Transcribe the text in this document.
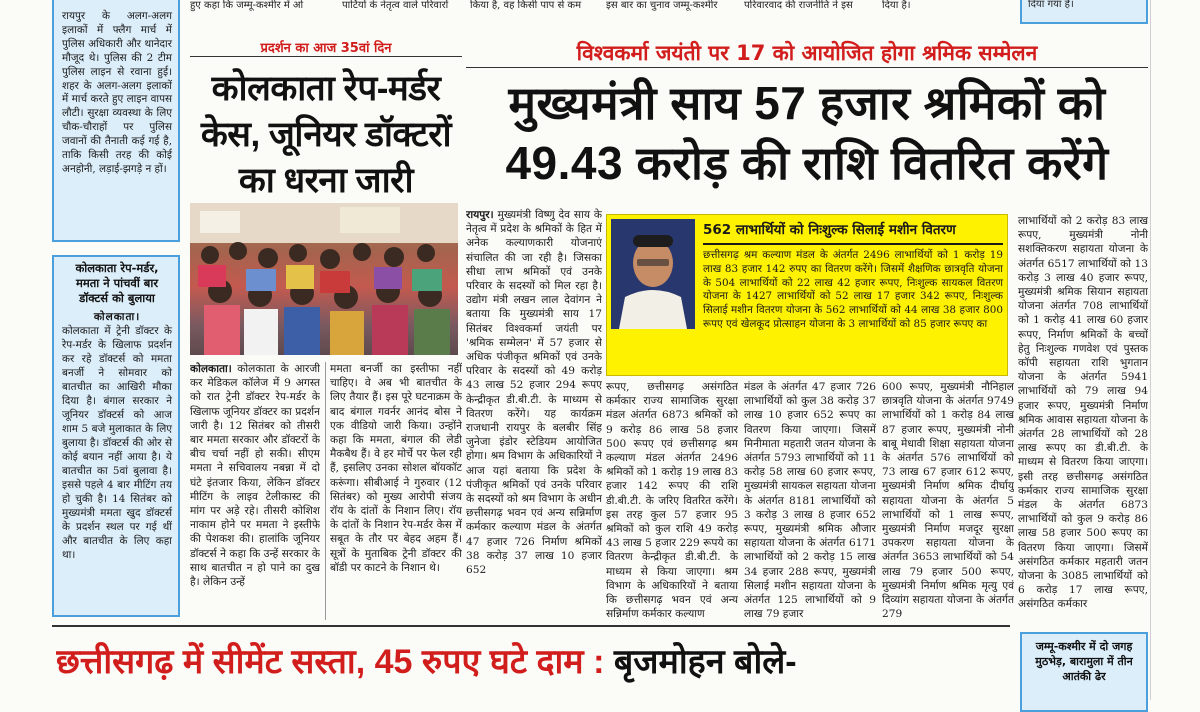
हुए कहा कि जम्मू-कश्मीर में ओ	पार्टियों के नेतृत्व वाले परिवारों	किया है, वह किसी पाप से कम	इस बार का चुनाव जम्मू-कश्मीर	परिवारवाद की राजनीति ने इस	दिया है।	दिया गया है।

रायपुर के अलग-अलग इलाकों में फ्लैग मार्च में पुलिस अधिकारी और थानेदार मौजूद थे। पुलिस की 2 टीम पुलिस लाइन से रवाना हुई। शहर के अलग-अलग इलाकों में मार्च करते हुए लाइन वापस लौटी। सुरक्षा व्यवस्था के लिए चौक-चौराहों पर पुलिस जवानों की तैनाती कई गई है, ताकि किसी तरह की कोई अनहोनी, लड़ाई-झगड़े न हों।

कोलकाता रेप-मर्डर, ममता ने पांचवीं बार डॉक्टर्स को बुलाया
कोलकाता।

कोलकाता में ट्रेनी डॉक्टर के रेप-मर्डर के खिलाफ प्रदर्शन कर रहे डॉक्टर्स को ममता बनर्जी ने सोमवार को बातचीत का आखिरी मौका दिया है। बंगाल सरकार ने जूनियर डॉक्टर्स को आज शाम 5 बजे मुलाकात के लिए बुलाया है। डॉक्टर्स की ओर से कोई बयान नहीं आया है। ये बातचीत का 5वां बुलावा है। इससे पहले 4 बार मीटिंग तय हो चुकी है। 14 सितंबर को मुख्यमंत्री ममता खुद डॉक्टर्स के प्रदर्शन स्थल पर गई थीं और बातचीत के लिए कहा था।

प्रदर्शन का आज 35वां दिन
कोलकाता रेप-मर्डर केस, जूनियर डॉक्टरों का धरना जारी
कोलकाता। कोलकाता के आरजी कर मेडिकल कॉलेज में 9 अगस्त को रात ट्रेनी डॉक्टर रेप-मर्डर के खिलाफ जूनियर डॉक्टर का प्रदर्शन जारी है। 12 सितंबर को तीसरी बार ममता सरकार और डॉक्टरों के बीच चर्चा नहीं हो सकी। सीएम ममता ने सचिवालय नबन्ना में दो घंटे इंतजार किया, लेकिन डॉक्टर मीटिंग के लाइव टेलीकास्ट की मांग पर अड़े रहे। तीसरी कोशिश नाकाम होने पर ममता ने इस्तीफे की पेशकश की। हालांकि जूनियर डॉक्टर्स ने कहा कि उन्हें सरकार के साथ बातचीत न हो पाने का दुख है। लेकिन उन्हें
ममता बनर्जी का इस्तीफा नहीं चाहिए। वे अब भी बातचीत के लिए तैयार हैं। इस पूरे घटनाक्रम के बाद बंगाल गवर्नर आनंद बोस ने एक वीडियो जारी किया। उन्होंने कहा कि ममता, बंगाल की लेडी मैकबैथ हैं। वे हर मोर्चे पर फेल रही हैं, इसलिए उनका सोशल बॉयकॉट करूंगा। सीबीआई ने गुरुवार (12 सितंबर) को मुख्य आरोपी संजय रॉय के दांतों के निशान लिए। रॉय के दांतों के निशान रेप-मर्डर केस में सबूत के तौर पर बेहद अहम हैं। सूत्रों के मुताबिक ट्रेनी डॉक्टर की बॉडी पर काटने के निशान थे।
विश्वकर्मा जयंती पर 17 को आयोजित होगा श्रमिक सम्मेलन
मुख्यमंत्री साय 57 हजार श्रमिकों को
49.43 करोड़ की राशि वितरित करेंगे
रायपुर। मुख्यमंत्री विष्णु देव साय के नेतृत्व में प्रदेश के श्रमिकों के हित में अनेक कल्याणकारी योजनाएं संचालित की जा रही है। जिसका सीधा लाभ श्रमिकों एवं उनके परिवार के सदस्यों को मिल रहा है। उद्योग मंत्री लखन लाल देवांगन ने बताया कि मुख्यमंत्री साय 17 सितंबर विश्वकर्मा जयंती पर 'श्रमिक सम्मेलन' में 57 हजार से अधिक पंजीकृत श्रमिकों एवं उनके परिवार के सदस्यों को 49 करोड़ 43 लाख 52 हजार 294 रूपए केन्द्रीकृत डी.बी.टी. के माध्यम से वितरण करेंगे। यह कार्यक्रम राजधानी रायपुर के बलबीर सिंह जुनेजा इंडोर स्टेडियम आयोजित होगा। श्रम विभाग के अधिकारियों ने आज यहां बताया कि प्रदेश के पंजीकृत श्रमिकों एवं उनके परिवार के सदस्यों को श्रम विभाग के अधीन छत्तीसगढ़ भवन एवं अन्य सन्निर्माण कर्मकार कल्याण मंडल के अंतर्गत 47 हजार 726 निर्माण श्रमिकों 38 करोड़ 37 लाख 10 हजार 652
562 लाभार्थियों को निःशुल्क सिलाई मशीन वितरण

छत्तीसगढ़ श्रम कल्याण मंडल के अंतर्गत 2496 लाभार्थियों को 1 करोड़ 19 लाख 83 हजार 142 रुपए का वितरण करेंगे। जिसमें शैक्षणिक छात्रवृति योजना के 504 लाभार्थियों को 22 लाख 42 हजार रूपए, निःशुल्क सायकल वितरण योजना के 1427 लाभार्थियों को 52 लाख 17 हजार 342 रूपए, निःशुल्क सिलाई मशीन वितरण योजना के 562 लाभार्थियों को 44 लाख 38 हजार 800 रूपए एवं खेलकूद प्रोत्साहन योजना के 3 लाभार्थियों को 85 हजार रूपए का

रूपए, छत्तीसगढ़ असंगठित कर्मकार राज्य सामाजिक सुरक्षा मंडल अंतर्गत 6873 श्रमिकों को 9 करोड़ 86 लाख 58 हजार 500 रूपए एवं छत्तीसगढ़ श्रम कल्याण मंडल अंतर्गत 2496 श्रमिकों को 1 करोड़ 19 लाख 83 हजार 142 रूपए की राशि डी.बी.टी. के जरिए वितरित करेंगे। इस तरह कुल 57 हजार 95 श्रमिकों को कुल राशि 49 करोड़ 43 लाख 5 हजार 229 रूपये का वितरण केन्द्रीकृत डी.बी.टी. के माध्यम से किया जाएगा। श्रम विभाग के अधिकारियों ने बताया कि छत्तीसगढ़ भवन एवं अन्य सन्निर्माण कर्मकार कल्याण
मंडल के अंतर्गत 47 हजार 726 लाभार्थियों को कुल 38 करोड़ 37 लाख 10 हजार 652 रूपए का वितरण किया जाएगा। जिसमें मिनीमाता महतारी जतन योजना के अंतर्गत 5793 लाभार्थियों को 11 करोड़ 58 लाख 60 हजार रूपए, मुख्यमंत्री सायकल सहायता योजना के अंतर्गत 8181 लाभार्थियों को 3 करोड़ 3 लाख 8 हजार 652 रूपए, मुख्यमंत्री श्रमिक औजार सहायता योजना के अंतर्गत 6171 लाभार्थियों को 2 करोड़ 15 लाख 34 हजार 288 रूपए, मुख्यमंत्री सिलाई मशीन सहायता योजना के अंतर्गत 125 लाभार्थियों को 9 लाख 79 हजार
600 रूपए, मुख्यमंत्री नौनिहाल छात्रवृति योजना के अंतर्गत 9749 लाभार्थियों को 1 करोड़ 84 लाख 87 हजार रूपए, मुख्यमंत्री नोनी बाबू मेधावी शिक्षा सहायता योजना के अंतर्गत 576 लाभार्थियों को 73 लाख 67 हजार 612 रूपए, मुख्यमंत्री निर्माण श्रमिक दीर्घायु सहायता योजना के अंतर्गत 5 लाभार्थियों को 1 लाख रूपए, मुख्यमंत्री निर्माण मजदूर सुरक्षा उपकरण सहायता योजना के अंतर्गत 3653 लाभार्थियों को 54 लाख 79 हजार 500 रूपए, मुख्यमंत्री निर्माण श्रमिक मृत्यु एवं दिव्यांग सहायता योजना के अंतर्गत 279
लाभार्थियों को 2 करोड़ 83 लाख रूपए, मुख्यमंत्री नोनी सशक्तिकरण सहायता योजना के अंतर्गत 6517 लाभार्थियों को 13 करोड़ 3 लाख 40 हजार रूपए, मुख्यमंत्री श्रमिक सियान सहायता योजना अंतर्गत 708 लाभार्थियों को 1 करोड़ 41 लाख 60 हजार रूपए, निर्माण श्रमिकों के बच्चों हेतु निःशुल्क गणवेश एवं पुस्तक कॉपी सहायता राशि भुगतान योजना के अंतर्गत 5941 लाभार्थियों को 79 लाख 94 हजार रूपए, मुख्यमंत्री निर्माण श्रमिक आवास सहायता योजना के अंतर्गत 28 लाभार्थियों को 28 लाख रूपए का डी.बी.टी. के माध्यम से वितरण किया जाएगा। इसी तरह छत्तीसगढ़ असंगठित कर्मकार राज्य सामाजिक सुरक्षा मंडल के अंतर्गत 6873 लाभार्थियों को कुल 9 करोड़ 86 लाख 58 हजार 500 रूपए का वितरण किया जाएगा। जिसमें असंगठित कर्मकार महतारी जतन योजना के 3085 लाभार्थियों को 6 करोड़ 17 लाख रूपए, असंगठित कर्मकार
छत्तीसगढ़ में सीमेंट सस्ता, 45 रुपए घटे दाम : बृजमोहन बोले-	जम्मू-कश्मीर में दो जगह मुठभेड़, बारामुला में तीन आतंकी ढेर
